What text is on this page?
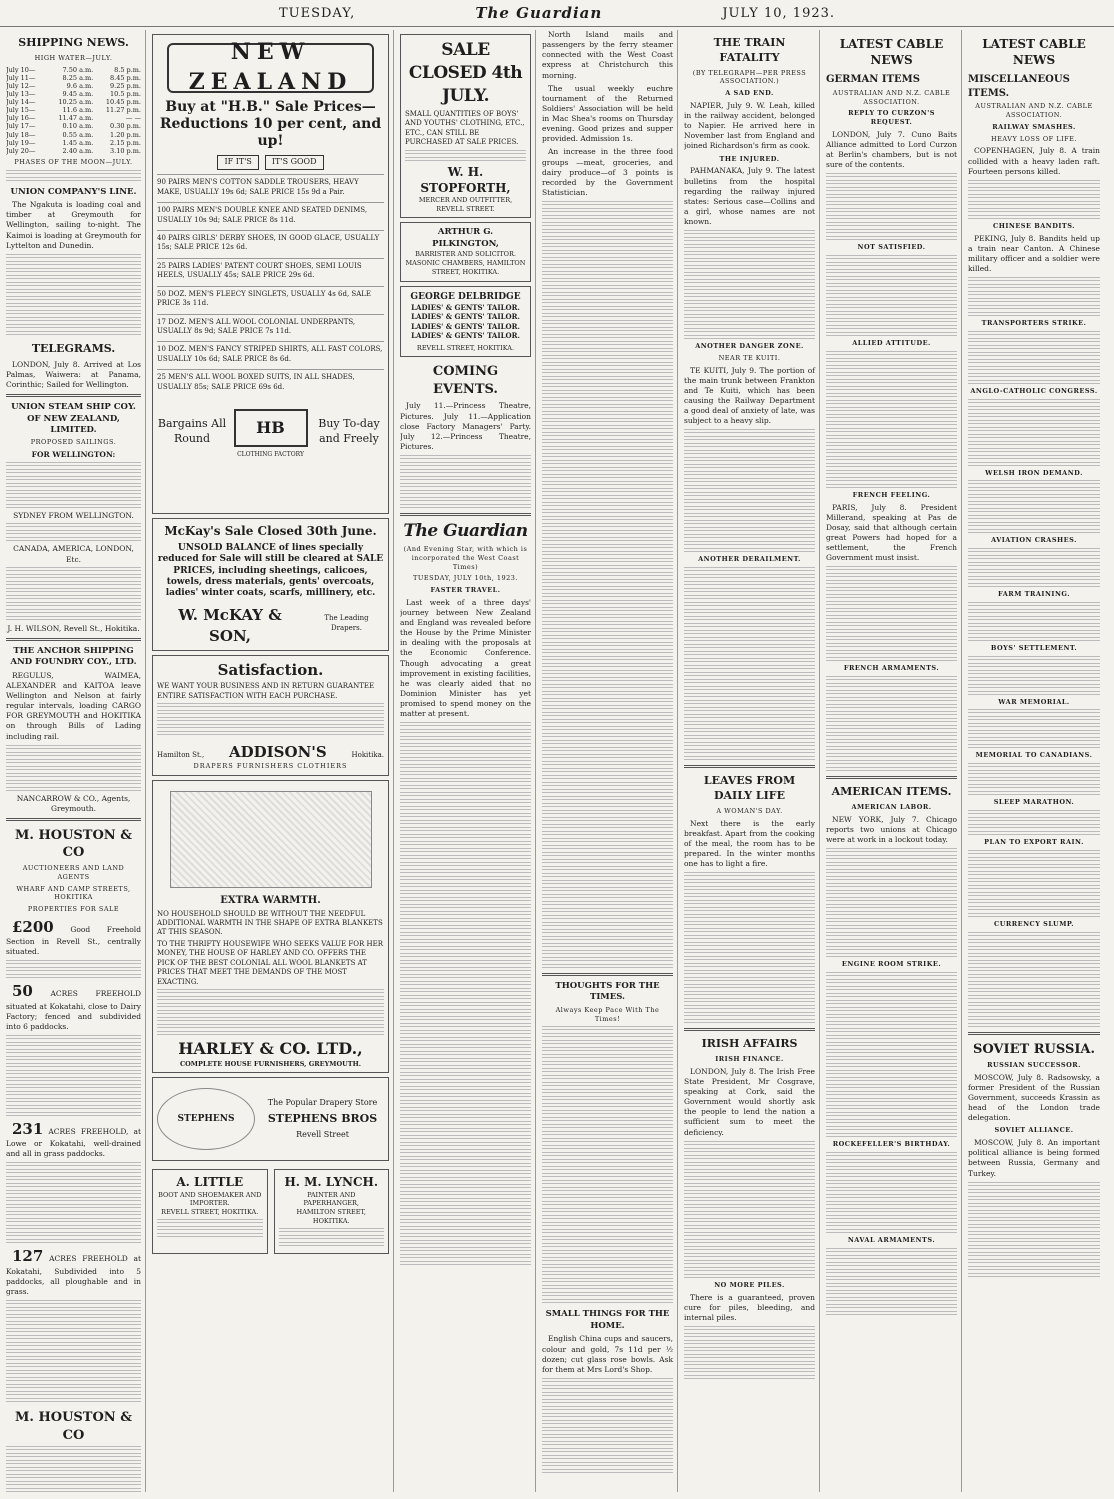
TUESDAY,	The Guardian	JULY 10, 1923.
SHIPPING NEWS.
HIGH WATER—JULY.
July 10—	7.50 a.m.	8.5 p.m.
July 11—	8.25 a.m.	8.45 p.m.
July 12—	9.6 a.m.	9.25 p.m.
July 13—	9.45 a.m.	10.5 p.m.
July 14—	10.25 a.m.	10.45 p.m.
July 15—	11.6 a.m.	11.27 p.m.
July 16—	11.47 a.m.	— —
July 17—	0.10 a.m.	0.30 p.m.
July 18—	0.55 a.m.	1.20 p.m.
July 19—	1.45 a.m.	2.15 p.m.
July 20—	2.40 a.m.	3.10 p.m.
PHASES OF THE MOON—JULY.
UNION COMPANY'S LINE.

The Ngakuta is loading coal and timber at Greymouth for Wellington, sailing to-night. The Kaimoi is loading at Greymouth for Lyttelton and Dunedin.

TELEGRAMS.

LONDON, July 8. Arrived at Los Palmas, Waiwera: at Panama, Corinthic; Sailed for Wellington.

UNION STEAM SHIP COY. OF NEW ZEALAND, LIMITED.
PROPOSED SAILINGS.
FOR WELLINGTON:
SYDNEY FROM WELLINGTON.
CANADA, AMERICA, LONDON, Etc.
J. H. WILSON, Revell St., Hokitika.
THE ANCHOR SHIPPING AND FOUNDRY COY., LTD.

REGULUS, WAIMEA, ALEXANDER and KAITOA leave Wellington and Nelson at fairly regular intervals, loading CARGO FOR GREYMOUTH and HOKITIKA on through Bills of Lading including rail.

NANCARROW & CO., Agents, Greymouth.
M. HOUSTON & CO
AUCTIONEERS AND LAND AGENTS
WHARF AND CAMP STREETS, HOKITIKA
PROPERTIES FOR SALE

£200 Good Freehold Section in Revell St., centrally situated.

50 ACRES FREEHOLD situated at Kokatahi, close to Dairy Factory; fenced and subdivided into 6 paddocks.

231 ACRES FREEHOLD, at Lowe or Kokatahi, well-drained and all in grass paddocks.

127 ACRES FREEHOLD at Kokatahi, Subdivided into 5 paddocks, all ploughable and in grass.

M. HOUSTON & CO
NEW ZEALAND
Buy at "H.B." Sale Prices—Reductions 10 per cent, and up!
IF IT'S	IT'S GOOD
90 PAIRS MEN'S COTTON SADDLE TROUSERS, HEAVY MAKE, USUALLY 19s 6d; SALE PRICE 15s 9d a Pair.
100 PAIRS MEN'S DOUBLE KNEE AND SEATED DENIMS, USUALLY 10s 9d; SALE PRICE 8s 11d.
40 PAIRS GIRLS' DERBY SHOES, IN GOOD GLACE, USUALLY 15s; SALE PRICE 12s 6d.
25 PAIRS LADIES' PATENT COURT SHOES, SEMI LOUIS HEELS, USUALLY 45s; SALE PRICE 29s 6d.
50 DOZ. MEN'S FLEECY SINGLETS, USUALLY 4s 6d, SALE PRICE 3s 11d.
17 DOZ. MEN'S ALL WOOL COLONIAL UNDERPANTS, USUALLY 8s 9d; SALE PRICE 7s 11d.
10 DOZ. MEN'S FANCY STRIPED SHIRTS, ALL FAST COLORS, USUALLY 10s 6d; SALE PRICE 8s 6d.
25 MEN'S ALL WOOL BOXED SUITS, IN ALL SHADES, USUALLY 85s; SALE PRICE 69s 6d.
Bargains All Round
HB
CLOTHING FACTORY
Buy To-day and Freely
McKay's Sale Closed 30th June.
UNSOLD BALANCE of lines specially reduced for Sale will still be cleared at SALE PRICES, including sheetings, calicoes, towels, dress materials, gents' overcoats, ladies' winter coats, scarfs, millinery, etc.
W. McKAY & SON,
The Leading Drapers.
Satisfaction.
WE WANT YOUR BUSINESS AND IN RETURN GUARANTEE ENTIRE SATISFACTION WITH EACH PURCHASE.
Hamilton St., ADDISON'S	Hokitika.
DRAPERS FURNISHERS CLOTHIERS
EXTRA WARMTH.
NO HOUSEHOLD SHOULD BE WITHOUT THE NEEDFUL ADDITIONAL WARMTH IN THE SHAPE OF EXTRA BLANKETS AT THIS SEASON.
TO THE THRIFTY HOUSEWIFE WHO SEEKS VALUE FOR HER MONEY, THE HOUSE OF HARLEY AND CO. OFFERS THE PICK OF THE BEST COLONIAL ALL WOOL BLANKETS AT PRICES THAT MEET THE DEMANDS OF THE MOST EXACTING.
HARLEY & CO. LTD.,
COMPLETE HOUSE FURNISHERS, GREYMOUTH.
STEPHENS
The Popular Drapery Store
STEPHENS BROS
Revell Street
A. LITTLE
BOOT AND SHOEMAKER AND IMPORTER.
REVELL STREET, HOKITIKA.
H. M. LYNCH.
PAINTER AND PAPERHANGER,
HAMILTON STREET, HOKITIKA.
SALE CLOSED 4th JULY.
SMALL QUANTITIES OF BOYS' AND YOUTHS' CLOTHING, ETC., ETC., CAN STILL BE PURCHASED AT SALE PRICES.
W. H. STOPFORTH,
MERCER AND OUTFITTER, REVELL STREET.
ARTHUR G. PILKINGTON,
BARRISTER AND SOLICITOR.
MASONIC CHAMBERS, HAMILTON STREET, HOKITIKA.
GEORGE DELBRIDGE
LADIES' & GENTS' TAILOR.
LADIES' & GENTS' TAILOR.
LADIES' & GENTS' TAILOR.
LADIES' & GENTS' TAILOR.
REVELL STREET, HOKITIKA.
COMING EVENTS.

July 11.—Princess Theatre, Pictures. July 11.—Application close Factory Managers' Party. July 12.—Princess Theatre, Pictures.

The Guardian
(And Evening Star, with which is incorporated the West Coast Times)
TUESDAY, JULY 10th, 1923.
FASTER TRAVEL.

Last week of a three days' journey between New Zealand and England was revealed before the House by the Prime Minister in dealing with the proposals at the Economic Conference. Though advocating a great improvement in existing facilities, he was clearly aided that no Dominion Minister has yet promised to spend money on the matter at present.

North Island mails and passengers by the ferry steamer connected with the West Coast express at Christchurch this morning.

The usual weekly euchre tournament of the Returned Soldiers' Association will be held in Mac Shea's rooms on Thursday evening. Good prizes and supper provided. Admission 1s.

An increase in the three food groups —meat, groceries, and dairy produce—of 3 points is recorded by the Government Statistician.

THOUGHTS FOR THE TIMES.
Always Keep Pace With The Times!
SMALL THINGS FOR THE HOME.

English China cups and saucers, colour and gold, 7s 11d per ½ dozen; cut glass rose bowls. Ask for them at Mrs Lord's Shop.

THE TRAIN FATALITY
(BY TELEGRAPH—PER PRESS ASSOCIATION.)
A SAD END.

NAPIER, July 9. W. Leah, killed in the railway accident, belonged to Napier. He arrived here in November last from England and joined Richardson's firm as cook.

THE INJURED.

PAHMANAKA, July 9. The latest bulletins from the hospital regarding the railway injured states: Serious case—Collins and a girl, whose names are not known.

ANOTHER DANGER ZONE.
NEAR TE KUITI.

TE KUITI, July 9. The portion of the main trunk between Frankton and Te Kuiti, which has been causing the Railway Department a good deal of anxiety of late, was subject to a heavy slip.

ANOTHER DERAILMENT.
LEAVES FROM DAILY LIFE
A WOMAN'S DAY.

Next there is the early breakfast. Apart from the cooking of the meal, the room has to be prepared. In the winter months one has to light a fire.

IRISH AFFAIRS
IRISH FINANCE.

LONDON, July 8. The Irish Free State President, Mr Cosgrave, speaking at Cork, said the Government would shortly ask the people to lend the nation a sufficient sum to meet the deficiency.

NO MORE PILES.

There is a guaranteed, proven cure for piles, bleeding, and internal piles.

LATEST CABLE NEWS
GERMAN ITEMS
AUSTRALIAN AND N.Z. CABLE ASSOCIATION.
REPLY TO CURZON'S REQUEST.

LONDON, July 7. Cuno Baits Alliance admitted to Lord Curzon at Berlin's chambers, but is not sure of the contents.

NOT SATISFIED.
ALLIED ATTITUDE.
FRENCH FEELING.

PARIS, July 8. President Millerand, speaking at Pas de Dosay, said that although certain great Powers had hoped for a settlement, the French Government must insist.

FRENCH ARMAMENTS.
AMERICAN ITEMS.
AMERICAN LABOR.

NEW YORK, July 7. Chicago reports two unions at Chicago were at work in a lockout today.

ENGINE ROOM STRIKE.
ROCKEFELLER'S BIRTHDAY.
NAVAL ARMAMENTS.
LATEST CABLE NEWS
MISCELLANEOUS ITEMS.
AUSTRALIAN AND N.Z. CABLE ASSOCIATION.
RAILWAY SMASHES.
HEAVY LOSS OF LIFE.

COPENHAGEN, July 8. A train collided with a heavy laden raft. Fourteen persons killed.

CHINESE BANDITS.

PEKING, July 8. Bandits held up a train near Canton. A Chinese military officer and a soldier were killed.

TRANSPORTERS STRIKE.
ANGLO-CATHOLIC CONGRESS.
WELSH IRON DEMAND.
AVIATION CRASHES.
FARM TRAINING.
BOYS' SETTLEMENT.
WAR MEMORIAL.
MEMORIAL TO CANADIANS.
SLEEP MARATHON.
PLAN TO EXPORT RAIN.
CURRENCY SLUMP.
SOVIET RUSSIA.
RUSSIAN SUCCESSOR.

MOSCOW, July 8. Radsowsky, a former President of the Russian Government, succeeds Krassin as head of the London trade delegation.

SOVIET ALLIANCE.

MOSCOW, July 8. An important political alliance is being formed between Russia, Germany and Turkey.
